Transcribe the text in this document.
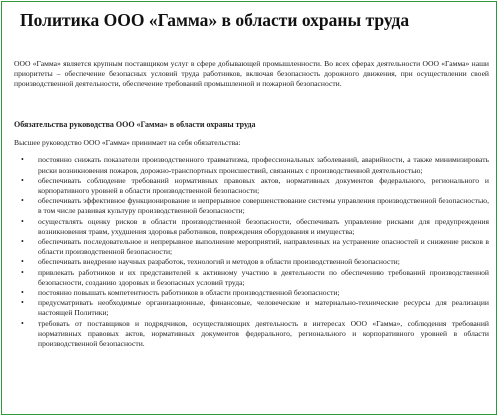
Политика ООО «Гамма» в области охраны труда

ООО «Гамма» является крупным поставщиком услуг в сфере добывающей промышленности. Во всех сферах деятельности ООО «Гамма» наши приоритеты – обеспечение безопасных условий труда работников, включая безопасность дорожного движения, при осуществлении своей производственной деятельности, обеспечение требований промышленной и пожарной безопасности.

Обязательства руководства ООО «Гамма» в области охраны труда

Высшее руководство ООО «Гамма» принимает на себя обязательства:

• постоянно снижать показатели производственного травматизма, профессиональных заболеваний, аварийности, а также минимизировать риски возникновения пожаров, дорожно-транспортных происшествий, связанных с производственной деятельностью;
• обеспечивать соблюдение требований нормативных правовых актов, нормативных документов федерального, регионального и корпоративного уровней в области производственной безопасности;
• обеспечивать эффективное функционирование и непрерывное совершенствование системы управления производственной безопасностью, в том числе развивая культуру производственной безопасности;
• осуществлять оценку рисков в области производственной безопасности, обеспечивать управление рисками для предупреждения возникновения травм, ухудшения здоровья работников, повреждения оборудования и имущества;
• обеспечивать последовательное и непрерывное выполнение мероприятий, направленных на устранение опасностей и снижение рисков в области производственной безопасности;
• обеспечивать внедрение научных разработок, технологий и методов в области производственной безопасности;
• привлекать работников и их представителей к активному участию в деятельности по обеспечению требований производственной безопасности, созданию здоровых и безопасных условий труда;
• постоянно повышать компетентность работников в области производственной безопасности;
• предусматривать необходимые организационные, финансовые, человеческие и материально-технические ресурсы для реализации настоящей Политики;
• требовать от поставщиков и подрядчиков, осуществляющих деятельность в интересах ООО «Гамма», соблюдения требований нормативных правовых актов, нормативных документов федерального, регионального и корпоративного уровней в области производственной безопасности.
